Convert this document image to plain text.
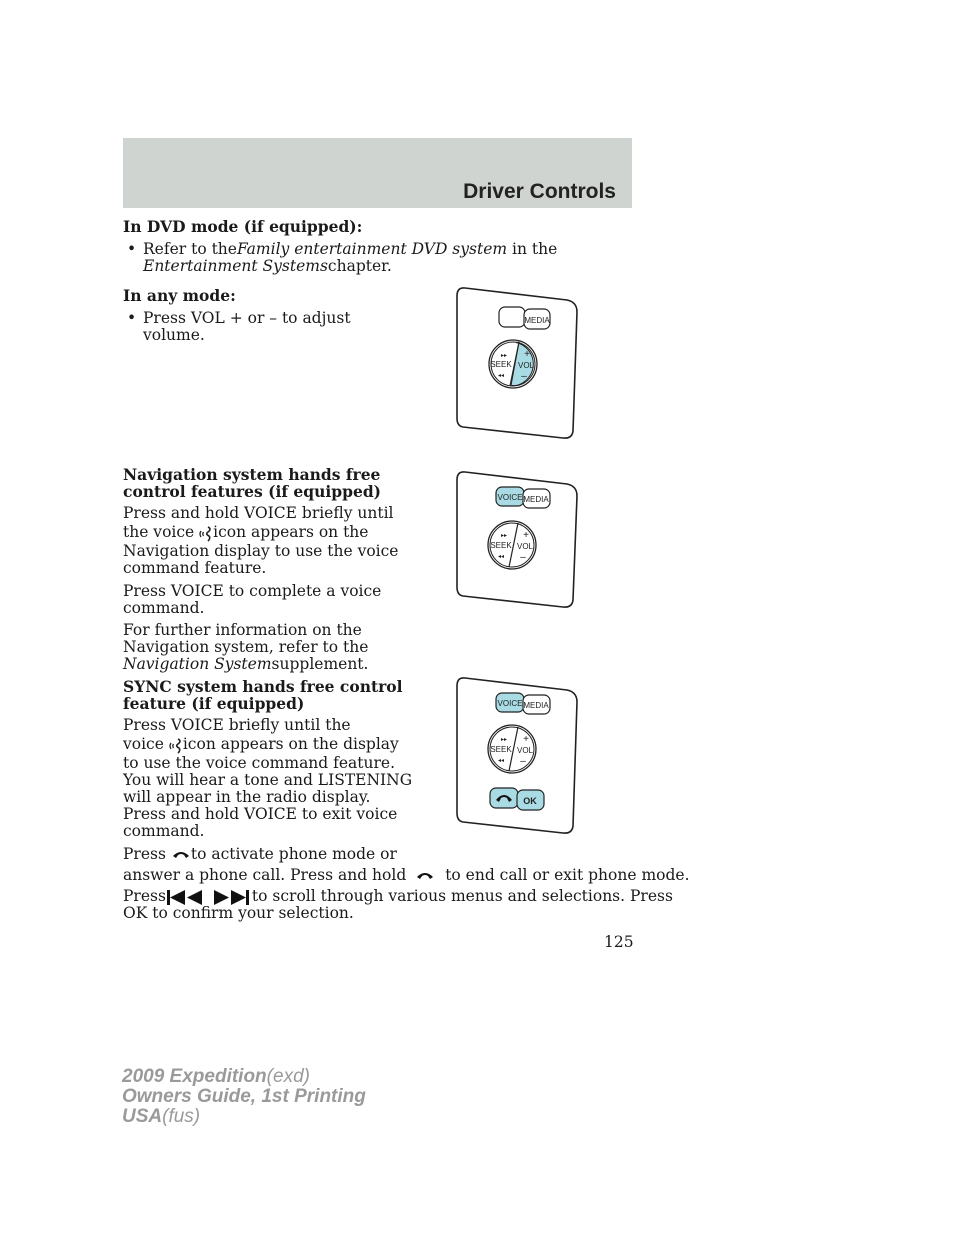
Driver Controls
In DVD mode (if equipped):
• Refer to theFamily entertainment DVD system in the
Entertainment Systemschapter.
In any mode:
• Press VOL + or – to adjust
volume.
Navigation system hands free
control features (if equipped)
Press and hold VOICE briefly until
the voice icon appears on the
Navigation display to use the voice
command feature.
Press VOICE to complete a voice
command.
For further information on the
Navigation system, refer to the
Navigation Systemsupplement.
SYNC system hands free control
feature (if equipped)
Press VOICE briefly until the
voice icon appears on the display
to use the voice command feature.
You will hear a tone and LISTENING
will appear in the radio display.
Press and hold VOICE to exit voice
command.
Press to activate phone mode or
answer a phone call. Press and hold	to end call or exit phone mode.
Press	to scroll through various menus and selections. Press
OK to confirm your selection.
MEDIA
SEEK
▸▸
◂◂
+
VOL
–
VOICE MEDIA
SEEK
▸▸
◂◂
+
VOL
–
VOICE MEDIA
SEEK
▸▸
◂◂
+
VOL
–
OK
125
2009 Expedition(exd)
Owners Guide, 1st Printing
USA(fus)
